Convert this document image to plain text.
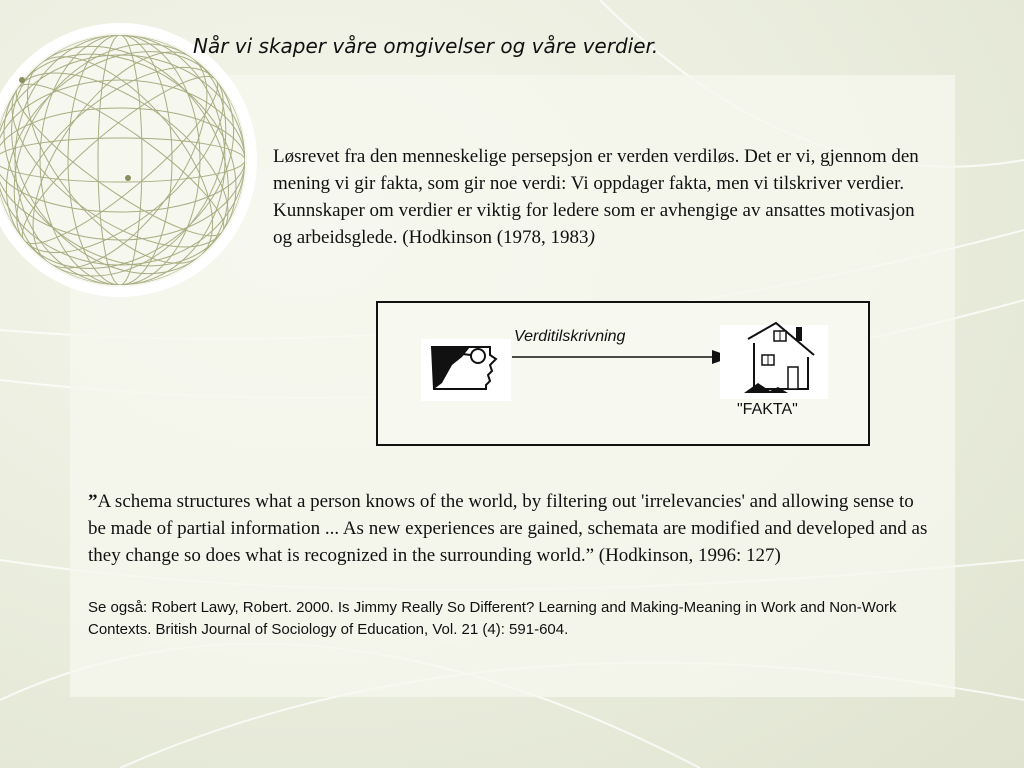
Når vi skaper våre omgivelser og våre verdier.

Løsrevet fra den menneskelige persepsjon er verden verdiløs. Det er vi, gjennom den mening vi gir fakta, som gir noe verdi: Vi oppdager fakta, men vi tilskriver verdier. Kunnskaper om verdier er viktig for ledere som er avhengige av ansattes motivasjon og arbeidsglede. (Hodkinson (1978, 1983)

Verditilskrivning
"FAKTA"

”A schema structures what a person knows of the world, by filtering out 'irrelevancies' and allowing sense to be made of partial information ... As new experiences are gained, schemata are modified and developed and as they change so does what is recognized in the surrounding world.” (Hodkinson, 1996: 127)

Se også: Robert Lawy, Robert. 2000. Is Jimmy Really So Different? Learning and Making-Meaning in Work and Non-Work Contexts. British Journal of Sociology of Education, Vol. 21 (4): 591-604.
